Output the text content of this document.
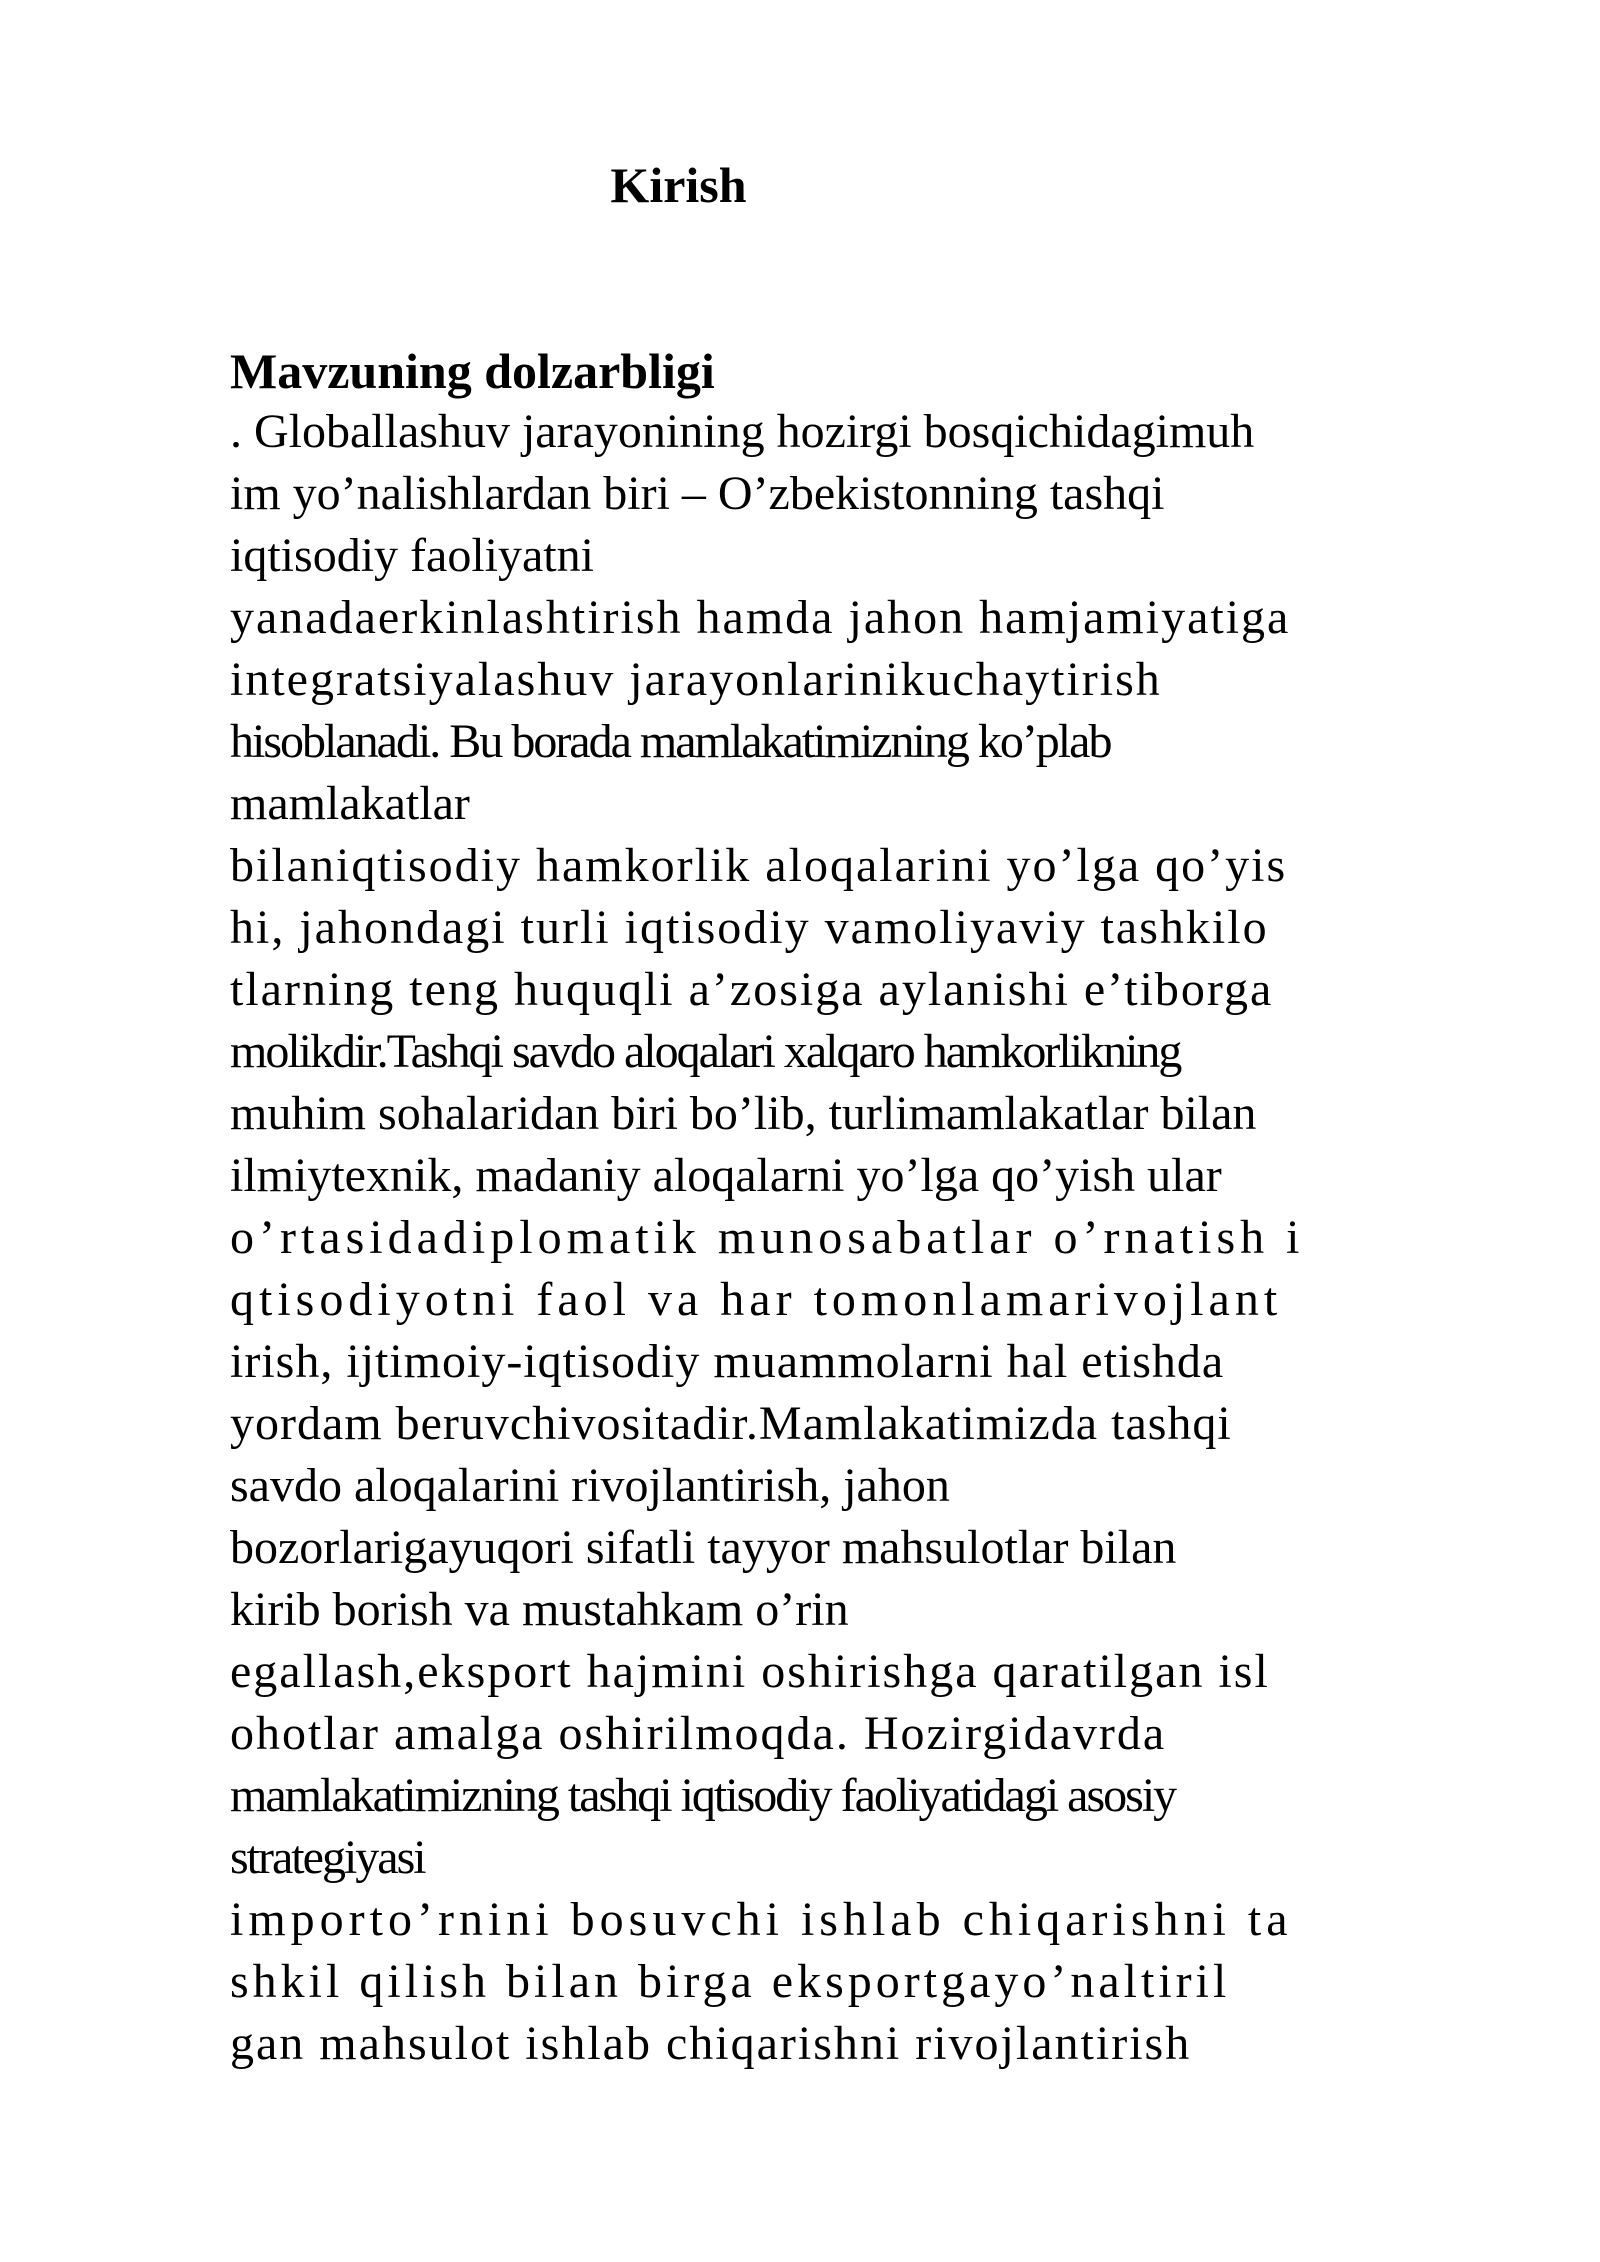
Kirish
Mavzuning dolzarbligi

. Globallashuv jarayonining hozirgi bosqichidagimuh

im yo’nalishlardan biri – O’zbekistonning tashqi

iqtisodiy faoliyatni

yanadaerkinlashtirish hamda jahon hamjamiyatiga

integratsiyalashuv jarayonlarinikuchaytirish

hisoblanadi. Bu borada mamlakatimizning ko’plab

mamlakatlar

bilaniqtisodiy hamkorlik aloqalarini yo’lga qo’yis

hi, jahondagi turli iqtisodiy vamoliyaviy tashkilo

tlarning teng huquqli a’zosiga aylanishi e’tiborga

molikdir.Tashqi savdo aloqalari xalqaro hamkorlikning

muhim sohalaridan biri bo’lib, turlimamlakatlar bilan

ilmiytexnik, madaniy aloqalarni yo’lga qo’yish ular

o’rtasidadiplomatik munosabatlar o’rnatish i

qtisodiyotni faol va har tomonlamarivojlant

irish, ijtimoiy-iqtisodiy muammolarni hal etishda

yordam beruvchivositadir.Mamlakatimizda tashqi

savdo aloqalarini rivojlantirish, jahon

bozorlarigayuqori sifatli tayyor mahsulotlar bilan

kirib borish va mustahkam o’rin

egallash,eksport hajmini oshirishga qaratilgan isl

ohotlar amalga oshirilmoqda. Hozirgidavrda

mamlakatimizning tashqi iqtisodiy faoliyatidagi asosiy

strategiyasi

importo’rnini bosuvchi ishlab chiqarishni ta

shkil qilish bilan birga eksportgayo’naltiril

gan mahsulot ishlab chiqarishni rivojlantirish
